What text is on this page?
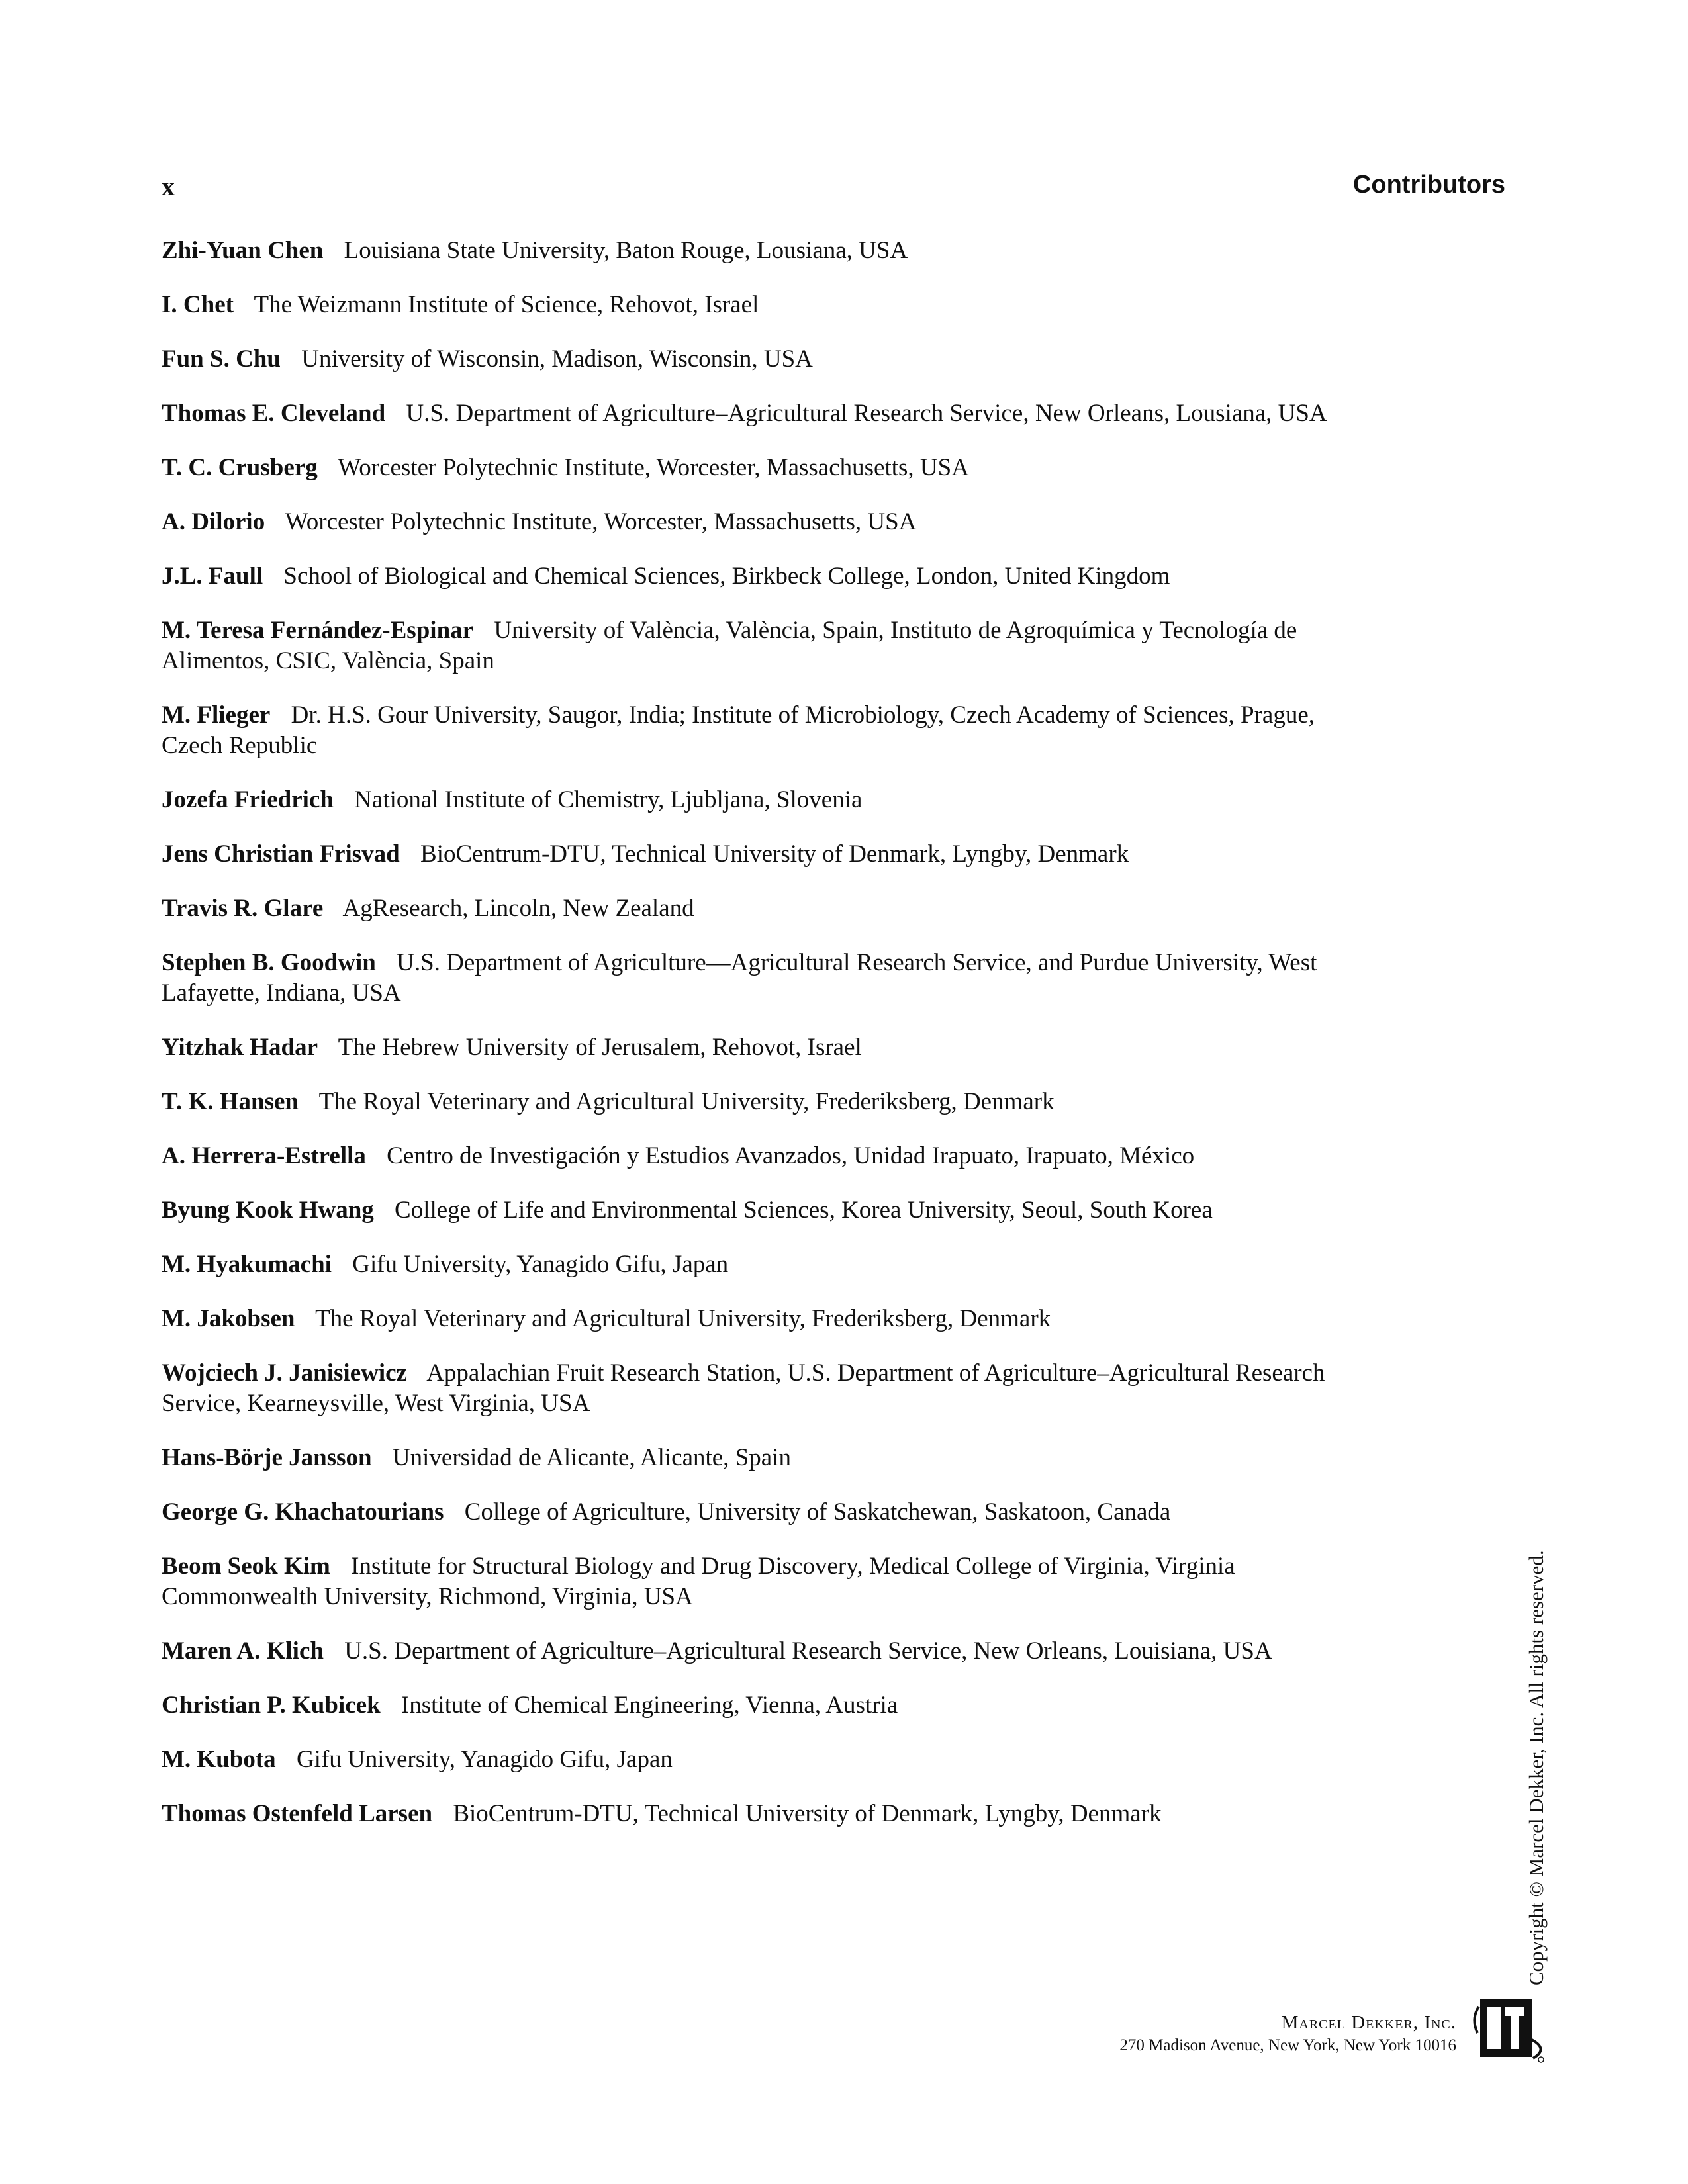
x	Contributors
Zhi-Yuan Chen Louisiana State University, Baton Rouge, Lousiana, USA
I. Chet The Weizmann Institute of Science, Rehovot, Israel
Fun S. Chu University of Wisconsin, Madison, Wisconsin, USA
Thomas E. Cleveland U.S. Department of Agriculture–Agricultural Research Service, New Orleans, Lousiana, USA
T. C. Crusberg Worcester Polytechnic Institute, Worcester, Massachusetts, USA
A. Dilorio Worcester Polytechnic Institute, Worcester, Massachusetts, USA
J.L. Faull School of Biological and Chemical Sciences, Birkbeck College, London, United Kingdom
M. Teresa Fernández-Espinar University of València, València, Spain, Instituto de Agroquímica y Tecnología de Alimentos, CSIC, València, Spain
M. Flieger Dr. H.S. Gour University, Saugor, India; Institute of Microbiology, Czech Academy of Sciences, Prague, Czech Republic
Jozefa Friedrich National Institute of Chemistry, Ljubljana, Slovenia
Jens Christian Frisvad BioCentrum-DTU, Technical University of Denmark, Lyngby, Denmark
Travis R. Glare AgResearch, Lincoln, New Zealand
Stephen B. Goodwin U.S. Department of Agriculture—Agricultural Research Service, and Purdue University, West Lafayette, Indiana, USA
Yitzhak Hadar The Hebrew University of Jerusalem, Rehovot, Israel
T. K. Hansen The Royal Veterinary and Agricultural University, Frederiksberg, Denmark
A. Herrera-Estrella Centro de Investigación y Estudios Avanzados, Unidad Irapuato, Irapuato, México
Byung Kook Hwang College of Life and Environmental Sciences, Korea University, Seoul, South Korea
M. Hyakumachi Gifu University, Yanagido Gifu, Japan
M. Jakobsen The Royal Veterinary and Agricultural University, Frederiksberg, Denmark
Wojciech J. Janisiewicz Appalachian Fruit Research Station, U.S. Department of Agriculture–Agricultural Research Service, Kearneysville, West Virginia, USA
Hans-Börje Jansson Universidad de Alicante, Alicante, Spain
George G. Khachatourians College of Agriculture, University of Saskatchewan, Saskatoon, Canada
Beom Seok Kim Institute for Structural Biology and Drug Discovery, Medical College of Virginia, Virginia Commonwealth University, Richmond, Virginia, USA
Maren A. Klich U.S. Department of Agriculture–Agricultural Research Service, New Orleans, Louisiana, USA
Christian P. Kubicek Institute of Chemical Engineering, Vienna, Austria
M. Kubota Gifu University, Yanagido Gifu, Japan
Thomas Ostenfeld Larsen BioCentrum-DTU, Technical University of Denmark, Lyngby, Denmark	Copyright © Marcel Dekker, Inc. All rights reserved.
Marcel Dekker, Inc.
270 Madison Avenue, New York, New York 10016
